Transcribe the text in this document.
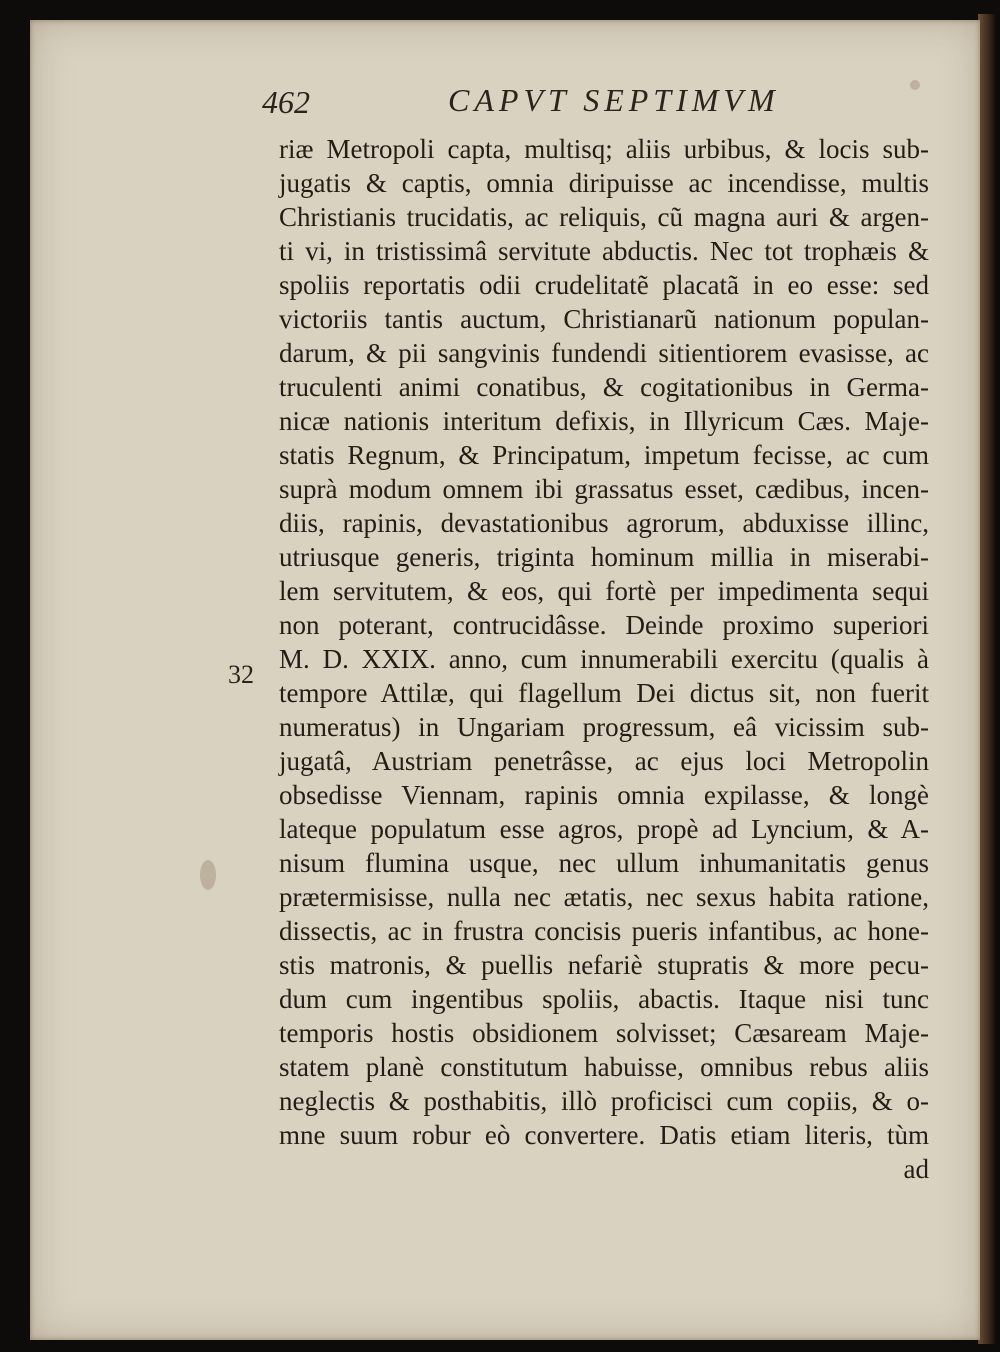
462	CAPVT SEPTIMVM
32
riæ Metropoli capta, multisq; aliis urbibus, & locis sub-
jugatis & captis, omnia diripuisse ac incendisse, multis
Christianis trucidatis, ac reliquis, cũ magna auri & argen-
ti vi, in tristissimâ servitute abductis. Nec tot trophæis &
spoliis reportatis odii crudelitatẽ placatã in eo esse: sed
victoriis tantis auctum, Christianarũ nationum populan-
darum, & pii sangvinis fundendi sitientiorem evasisse, ac
truculenti animi conatibus, & cogitationibus in Germa-
nicæ nationis interitum defixis, in Illyricum Cæs. Maje-
statis Regnum, & Principatum, impetum fecisse, ac cum
suprà modum omnem ibi grassatus esset, cædibus, incen-
diis, rapinis, devastationibus agrorum, abduxisse illinc,
utriusque generis, triginta hominum millia in miserabi-
lem servitutem, & eos, qui fortè per impedimenta sequi
non poterant, contrucidâsse. Deinde proximo superiori
M. D. XXIX. anno, cum innumerabili exercitu (qualis à
tempore Attilæ, qui flagellum Dei dictus sit, non fuerit
numeratus) in Ungariam progressum, eâ vicissim sub-
jugatâ, Austriam penetrâsse, ac ejus loci Metropolin
obsedisse Viennam, rapinis omnia expilasse, & longè
lateque populatum esse agros, propè ad Lyncium, & A-
nisum flumina usque, nec ullum inhumanitatis genus
prætermisisse, nulla nec ætatis, nec sexus habita ratione,
dissectis, ac in frustra concisis pueris infantibus, ac hone-
stis matronis, & puellis nefariè stupratis & more pecu-
dum cum ingentibus spoliis, abactis. Itaque nisi tunc
temporis hostis obsidionem solvisset; Cæsaream Maje-
statem planè constitutum habuisse, omnibus rebus aliis
neglectis & posthabitis, illò proficisci cum copiis, & o-
mne suum robur eò convertere. Datis etiam literis, tùm
ad
